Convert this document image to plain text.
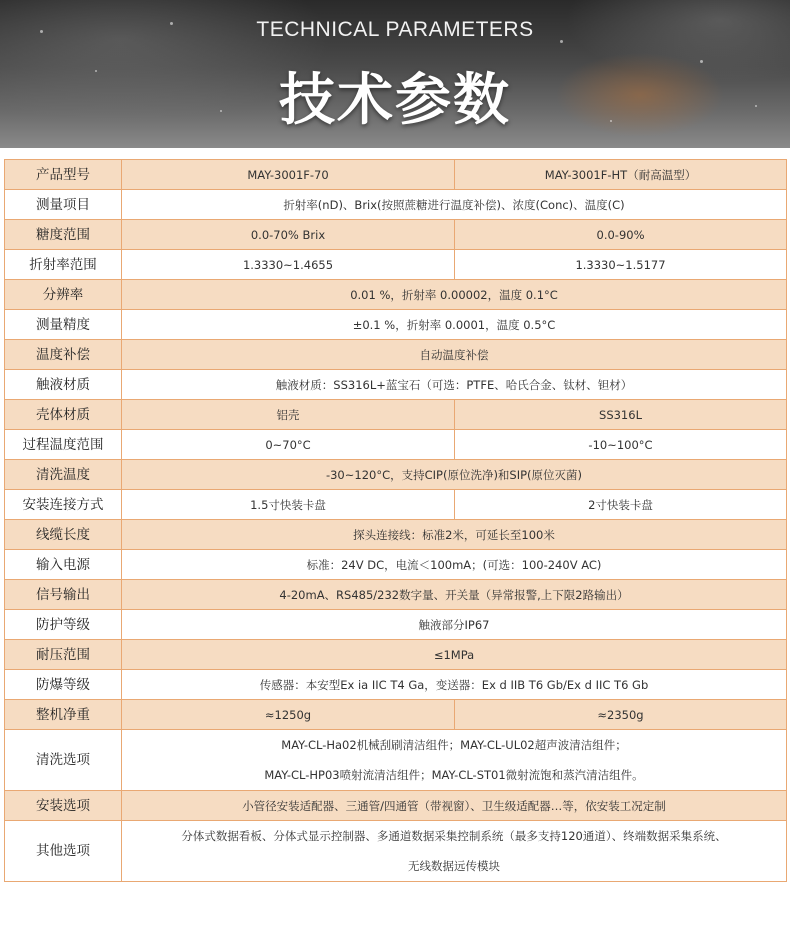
TECHNICAL PARAMETERS
技术参数
产品型号	MAY-3001F-70	MAY-3001F-HT（耐高温型）
测量项目	折射率(nD)、Brix(按照蔗糖进行温度补偿)、浓度(Conc)、温度(C)	
糖度范围	0.0-70% Brix	0.0-90%
折射率范围	1.3330~1.4655	1.3330~1.5177
分辨率	0.01 %，折射率 0.00002，温度 0.1°C	
测量精度	±0.1 %，折射率 0.0001，温度 0.5°C	
温度补偿	自动温度补偿	
触液材质	触液材质：SS316L+蓝宝石（可选：PTFE、哈氏合金、钛材、钽材）	
壳体材质	铝壳	SS316L
过程温度范围	0~70°C	-10~100°C
清洗温度	-30~120°C，支持CIP(原位洗净)和SIP(原位灭菌)	
安装连接方式	1.5寸快装卡盘	2寸快装卡盘
线缆长度	探头连接线：标准2米，可延长至100米	
输入电源	标准：24V DC，电流＜100mA；(可选：100-240V AC)	
信号输出	4-20mA、RS485/232数字量、开关量（异常报警,上下限2路输出）	
防护等级	触液部分IP67	
耐压范围	≤1MPa	
防爆等级	传感器：本安型Ex ia IIC T4 Ga，变送器：Ex d IIB T6 Gb/Ex d IIC T6 Gb	
整机净重	≈1250g	≈2350g
清洗选项	MAY-CL-Ha02机械刮刷清洁组件；MAY-CL-UL02超声波清洁组件；
MAY-CL-HP03喷射流清洁组件；MAY-CL-ST01微射流饱和蒸汽清洁组件。	

安装选项	小管径安装适配器、三通管/四通管（带视窗）、卫生级适配器…等，依安装工况定制	
其他选项	分体式数据看板、分体式显示控制器、多通道数据采集控制系统（最多支持120通道）、终端数据采集系统、
无线数据远传模块	
